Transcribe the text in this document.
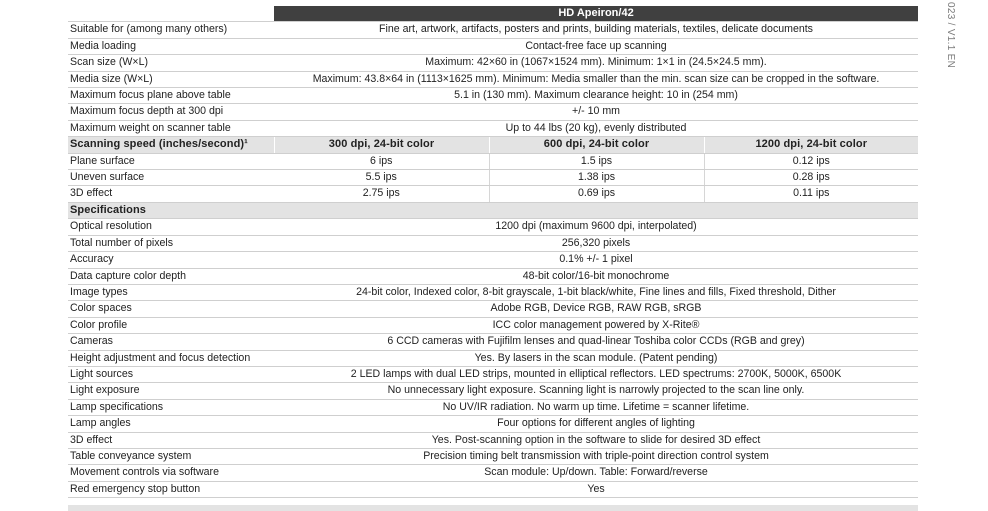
023 / V1.1 EN
	HD Apeiron/42		
Suitable for (among many others)	Fine art, artwork, artifacts, posters and prints, building materials, textiles, delicate documents		
Media loading	Contact-free face up scanning		
Scan size (W×L)	Maximum: 42×60 in (1067×1524 mm). Minimum: 1×1 in (24.5×24.5 mm).		
Media size (W×L)	Maximum: 43.8×64 in (1113×1625 mm). Minimum: Media smaller than the min. scan size can be cropped in the software.		
Maximum focus plane above table	5.1 in (130 mm). Maximum clearance height: 10 in (254 mm)		
Maximum focus depth at 300 dpi	+/- 10 mm		
Maximum weight on scanner table	Up to 44 lbs (20 kg), evenly distributed		
Scanning speed (inches/second)¹	300 dpi, 24-bit color	600 dpi, 24-bit color	1200 dpi, 24-bit color
Plane surface	6 ips	1.5 ips	0.12 ips
Uneven surface	5.5 ips	1.38 ips	0.28 ips
3D effect	2.75 ips	0.69 ips	0.11 ips
Specifications			
Optical resolution	1200 dpi (maximum 9600 dpi, interpolated)		
Total number of pixels	256,320 pixels		
Accuracy	0.1% +/- 1 pixel		
Data capture color depth	48-bit color/16-bit monochrome		
Image types	24-bit color, Indexed color, 8-bit grayscale, 1-bit black/white, Fine lines and fills, Fixed threshold, Dither		
Color spaces	Adobe RGB, Device RGB, RAW RGB, sRGB		
Color profile	ICC color management powered by X-Rite®		
Cameras	6 CCD cameras with Fujifilm lenses and quad-linear Toshiba color CCDs (RGB and grey)		
Height adjustment and focus detection	Yes. By lasers in the scan module. (Patent pending)		
Light sources	2 LED lamps with dual LED strips, mounted in elliptical reflectors. LED spectrums: 2700K, 5000K, 6500K		
Light exposure	No unnecessary light exposure. Scanning light is narrowly projected to the scan line only.		
Lamp specifications	No UV/IR radiation. No warm up time. Lifetime = scanner lifetime.		
Lamp angles	Four options for different angles of lighting		
3D effect	Yes. Post-scanning option in the software to slide for desired 3D effect		
Table conveyance system	Precision timing belt transmission with triple-point direction control system		
Movement controls via software	Scan module: Up/down. Table: Forward/reverse		
Red emergency stop button	Yes		
